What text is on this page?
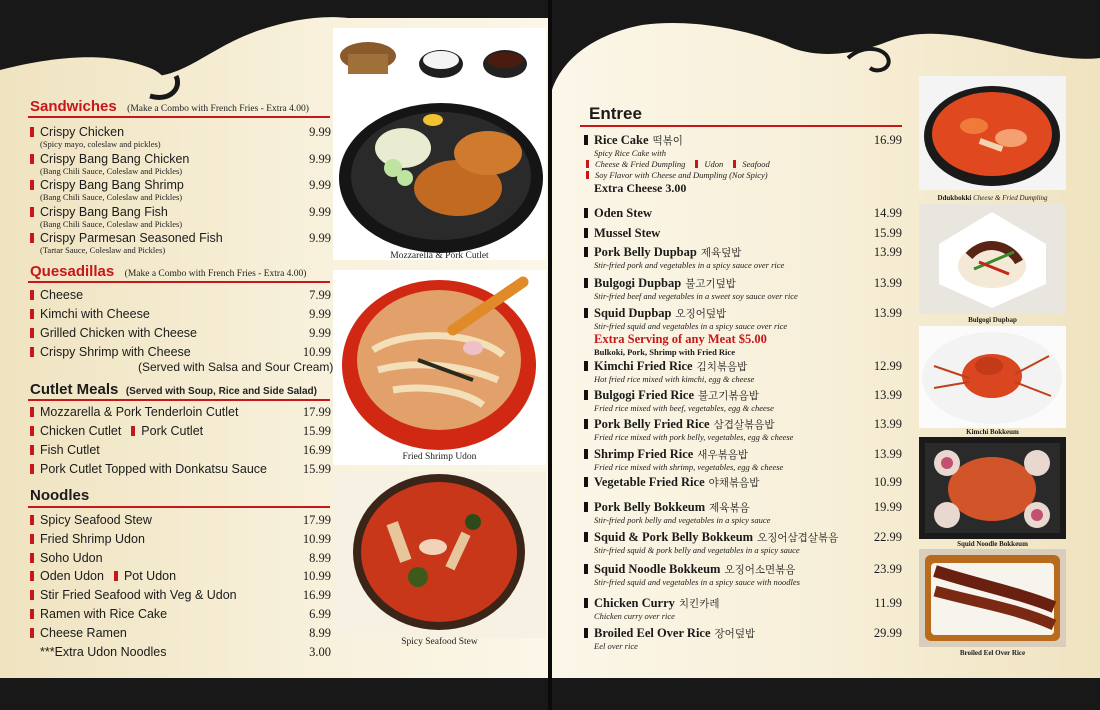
Sandwiches (Make a Combo with French Fries - Extra 4.00)
Crispy Chicken	9.99
(Spicy mayo, coleslaw and pickles)
Crispy Bang Bang Chicken	9.99
(Bang Chili Sauce, Coleslaw and Pickles)
Crispy Bang Bang Shrimp	9.99
(Bang Chili Sauce, Coleslaw and Pickles)
Crispy Bang Bang Fish	9.99
(Bang Chili Sauce, Coleslaw and Pickles)
Crispy Parmesan Seasoned Fish	9.99
(Tartar Sauce, Coleslaw and Pickles)
Quesadillas (Make a Combo with French Fries - Extra 4.00)
Cheese	7.99
Kimchi with Cheese	9.99
Grilled Chicken with Cheese	9.99
Crispy Shrimp with Cheese	10.99
(Served with Salsa and Sour Cream)
Cutlet Meals (Served with Soup, Rice and Side Salad)
Mozzarella & Pork Tenderloin Cutlet	17.99
Chicken Cutlet Pork Cutlet	15.99
Fish Cutlet	16.99
Pork Cutlet Topped with Donkatsu Sauce	15.99
Noodles
Spicy Seafood Stew	17.99
Fried Shrimp Udon	10.99
Soho Udon	8.99
Oden Udon Pot Udon	10.99
Stir Fried Seafood with Veg & Udon	16.99
Ramen with Rice Cake	6.99
Cheese Ramen	8.99
***Extra Udon Noodles	3.00
Mozzarella & Pork Cutlet
Fried Shrimp Udon
Spicy Seafood Stew
Entree
Rice Cake 떡볶이	16.99
Spicy Rice Cake with
Cheese & Fried Dumpling Udon Seafood
Soy Flavor with Cheese and Dumpling (Not Spicy)
Extra Cheese 3.00
Oden Stew	14.99
Mussel Stew	15.99
Pork Belly Dupbap 제육덮밥	13.99
Stir-fried pork and vegetables in a spicy sauce over rice
Bulgogi Dupbap 불고기덮밥	13.99
Stir-fried beef and vegetables in a sweet soy sauce over rice
Squid Dupbap 오징어덮밥	13.99
Stir-fried squid and vegetables in a spicy sauce over rice
Extra Serving of any Meat $5.00
Bulkoki, Pork, Shrimp with Fried Rice
Kimchi Fried Rice 김치볶음밥	12.99
Hot fried rice mixed with kimchi, egg & cheese
Bulgogi Fried Rice 불고기볶음밥	13.99
Fried rice mixed with beef, vegetables, egg & cheese
Pork Belly Fried Rice 삼겹살볶음밥	13.99
Fried rice mixed with pork belly, vegetables, egg & cheese
Shrimp Fried Rice 새우볶음밥	13.99
Fried rice mixed with shrimp, vegetables, egg & cheese
Vegetable Fried Rice 야채볶음밥	10.99
Pork Belly Bokkeum 제육볶음	19.99
Stir-fried pork belly and vegetables in a spicy sauce
Squid & Pork Belly Bokkeum 오징어삼겹살볶음	22.99
Stir-fried squid & pork belly and vegetables in a spicy sauce
Squid Noodle Bokkeum 오징어소면볶음	23.99
Stir-fried squid and vegetables in a spicy sauce with noodles
Chicken Curry 치킨카레	11.99
Chicken curry over rice
Broiled Eel Over Rice 장어덮밥	29.99
Eel over rice
Ddukbokki Cheese & Fried Dumpling
Bulgogi Dupbap
Kimchi Bokkeum
Squid Noodle Bokkeum
Broiled Eel Over Rice
